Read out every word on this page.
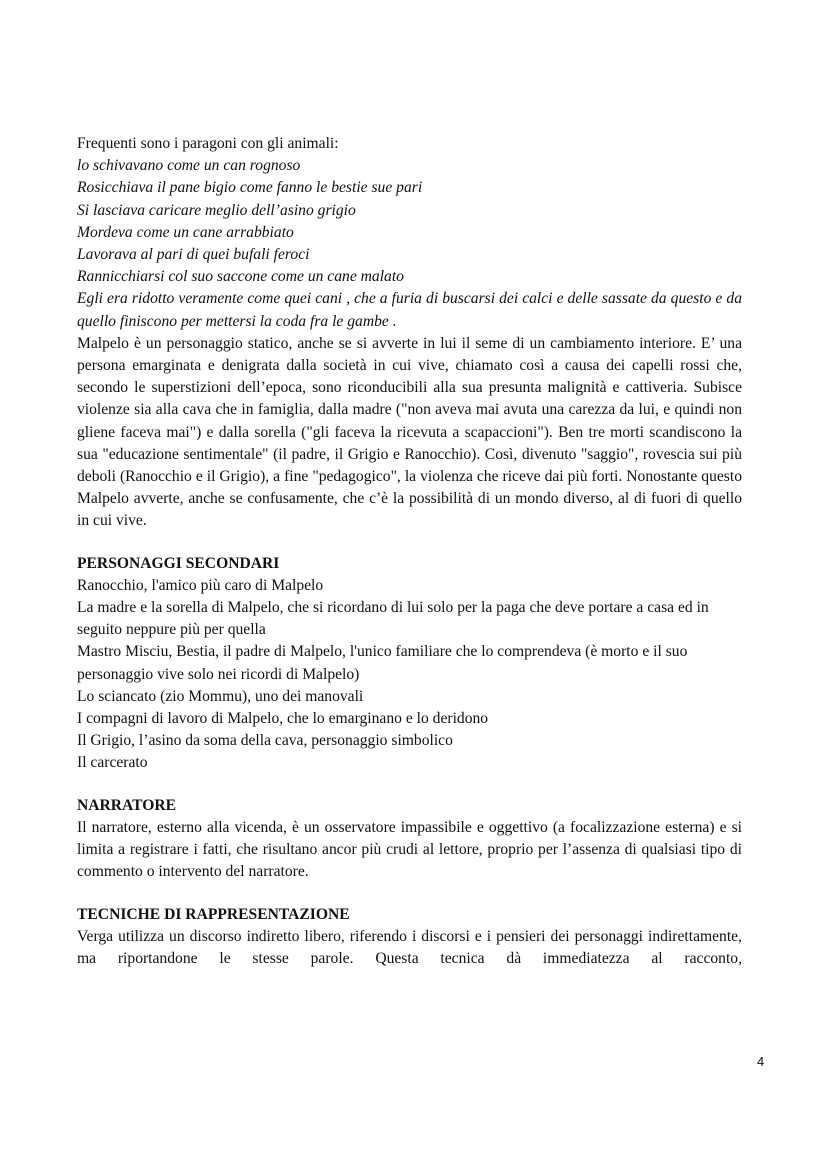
Frequenti sono i paragoni con gli animali:

lo schivavano come un can rognoso
Rosicchiava il pane bigio come fanno le bestie sue pari
Si lasciava caricare meglio dell’asino grigio
Mordeva come un cane arrabbiato
Lavorava al pari di quei bufali feroci
Rannicchiarsi col suo saccone come un cane malato

Egli era ridotto veramente come quei cani , che a furia di buscarsi dei calci e delle sassate da questo e da quello finiscono per mettersi la coda fra le gambe .

Malpelo è un personaggio statico, anche se si avverte in lui il seme di un cambiamento interiore. E’ una persona emarginata e denigrata dalla società in cui vive, chiamato così a causa dei capelli rossi che, secondo le superstizioni dell’epoca, sono riconducibili alla sua presunta malignità e cattiveria. Subisce violenze sia alla cava che in famiglia, dalla madre ("non aveva mai avuta una carezza da lui, e quindi non gliene faceva mai") e dalla sorella ("gli faceva la ricevuta a scapaccioni"). Ben tre morti scandiscono la sua "educazione sentimentale" (il padre, il Grigio e Ranocchio). Così, divenuto "saggio", rovescia sui più deboli (Ranocchio e il Grigio), a fine "pedagogico", la violenza che riceve dai più forti. Nonostante questo Malpelo avverte, anche se confusamente, che c’è la possibilità di un mondo diverso, al di fuori di quello in cui vive.

PERSONAGGI SECONDARI

Ranocchio, l'amico più caro di Malpelo

La madre e la sorella di Malpelo, che si ricordano di lui solo per la paga che deve portare a casa ed in seguito neppure più per quella

Mastro Misciu, Bestia, il padre di Malpelo, l'unico familiare che lo comprendeva (è morto e il suo personaggio vive solo nei ricordi di Malpelo)

Lo sciancato (zio Mommu), uno dei manovali

I compagni di lavoro di Malpelo, che lo emarginano e lo deridono

Il Grigio, l’asino da soma della cava, personaggio simbolico

Il carcerato

NARRATORE

Il narratore, esterno alla vicenda, è un osservatore impassibile e oggettivo (a focalizzazione esterna) e si limita a registrare i fatti, che risultano ancor più crudi al lettore, proprio per l’assenza di qualsiasi tipo di commento o intervento del narratore.

TECNICHE DI RAPPRESENTAZIONE

Verga utilizza un discorso indiretto libero, riferendo i discorsi e i pensieri dei personaggi indirettamente, ma riportandone le stesse parole. Questa tecnica dà immediatezza al racconto,

4
